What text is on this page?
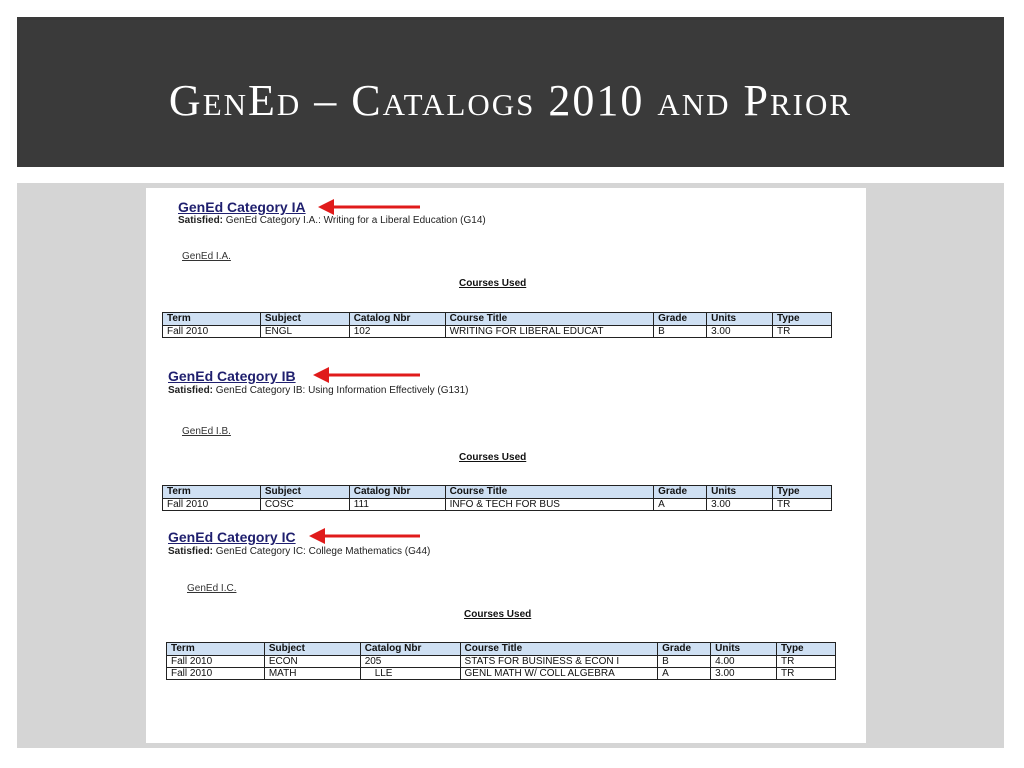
GenEd – Catalogs 2010 and Prior
GenEd Category IA
Satisfied: GenEd Category I.A.: Writing for a Liberal Education (G14)
GenEd I.A.
Courses Used
Term	Subject	Catalog Nbr	Course Title	Grade	Units	Type
Fall 2010	ENGL	102	WRITING FOR LIBERAL EDUCAT	B	3.00	TR
GenEd Category IB
Satisfied: GenEd Category IB: Using Information Effectively (G131)
GenEd I.B.
Courses Used
Term	Subject	Catalog Nbr	Course Title	Grade	Units	Type
Fall 2010	COSC	111	INFO & TECH FOR BUS	A	3.00	TR
GenEd Category IC
Satisfied: GenEd Category IC: College Mathematics (G44)
GenEd I.C.
Courses Used
Term	Subject	Catalog Nbr	Course Title	Grade	Units	Type
Fall 2010	ECON	205	STATS FOR BUSINESS & ECON I	B	4.00	TR
Fall 2010	MATH	LLE	GENL MATH W/ COLL ALGEBRA	A	3.00	TR
